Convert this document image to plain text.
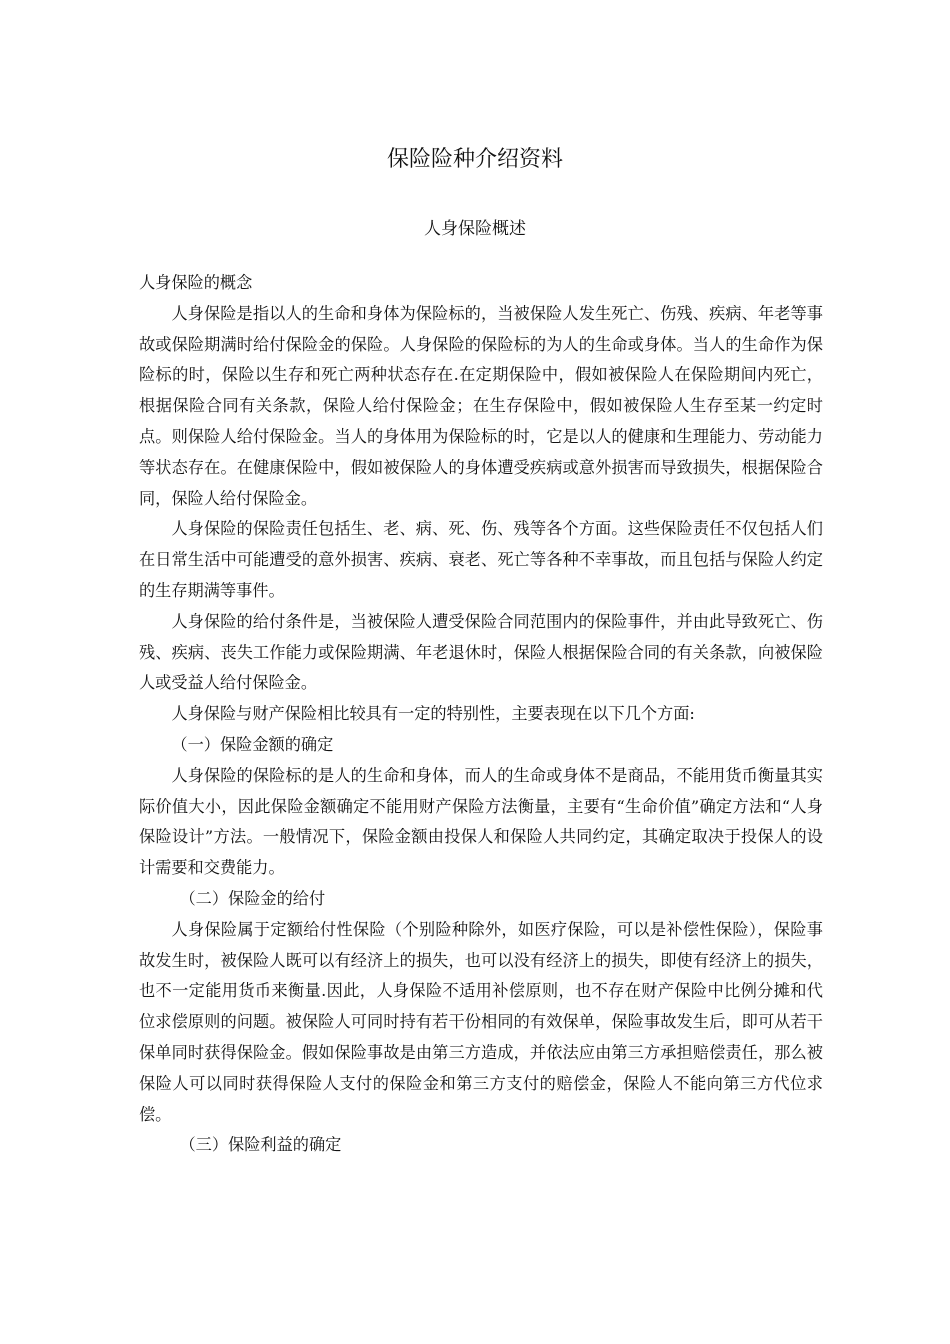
保险险种介绍资料
人身保险概述

人身保险的概念

人身保险是指以人的生命和身体为保险标的，当被保险人发生死亡、伤残、疾病、年老等事故或保险期满时给付保险金的保险。人身保险的保险标的为人的生命或身体。当人的生命作为保险标的时，保险以生存和死亡两种状态存在.在定期保险中，假如被保险人在保险期间内死亡，根据保险合同有关条款，保险人给付保险金；在生存保险中，假如被保险人生存至某一约定时点。则保险人给付保险金。当人的身体用为保险标的时，它是以人的健康和生理能力、劳动能力等状态存在。在健康保险中，假如被保险人的身体遭受疾病或意外损害而导致损失，根据保险合同，保险人给付保险金。

人身保险的保险责任包括生、老、病、死、伤、残等各个方面。这些保险责任不仅包括人们在日常生活中可能遭受的意外损害、疾病、衰老、死亡等各种不幸事故，而且包括与保险人约定的生存期满等事件。

人身保险的给付条件是，当被保险人遭受保险合同范围内的保险事件，并由此导致死亡、伤残、疾病、丧失工作能力或保险期满、年老退休时，保险人根据保险合同的有关条款，向被保险人或受益人给付保险金。

人身保险与财产保险相比较具有一定的特别性，主要表现在以下几个方面:

（一）保险金额的确定

人身保险的保险标的是人的生命和身体，而人的生命或身体不是商品，不能用货币衡量其实际价值大小，因此保险金额确定不能用财产保险方法衡量，主要有“生命价值”确定方法和“人身保险设计”方法。一般情况下，保险金额由投保人和保险人共同约定，其确定取决于投保人的设计需要和交费能力。

（二）保险金的给付

人身保险属于定额给付性保险（个别险种除外，如医疗保险，可以是补偿性保险），保险事故发生时，被保险人既可以有经济上的损失，也可以没有经济上的损失，即使有经济上的损失，也不一定能用货币来衡量.因此，人身保险不适用补偿原则，也不存在财产保险中比例分摊和代位求偿原则的问题。被保险人可同时持有若干份相同的有效保单，保险事故发生后，即可从若干保单同时获得保险金。假如保险事故是由第三方造成，并依法应由第三方承担赔偿责任，那么被保险人可以同时获得保险人支付的保险金和第三方支付的赔偿金，保险人不能向第三方代位求偿。

（三）保险利益的确定
